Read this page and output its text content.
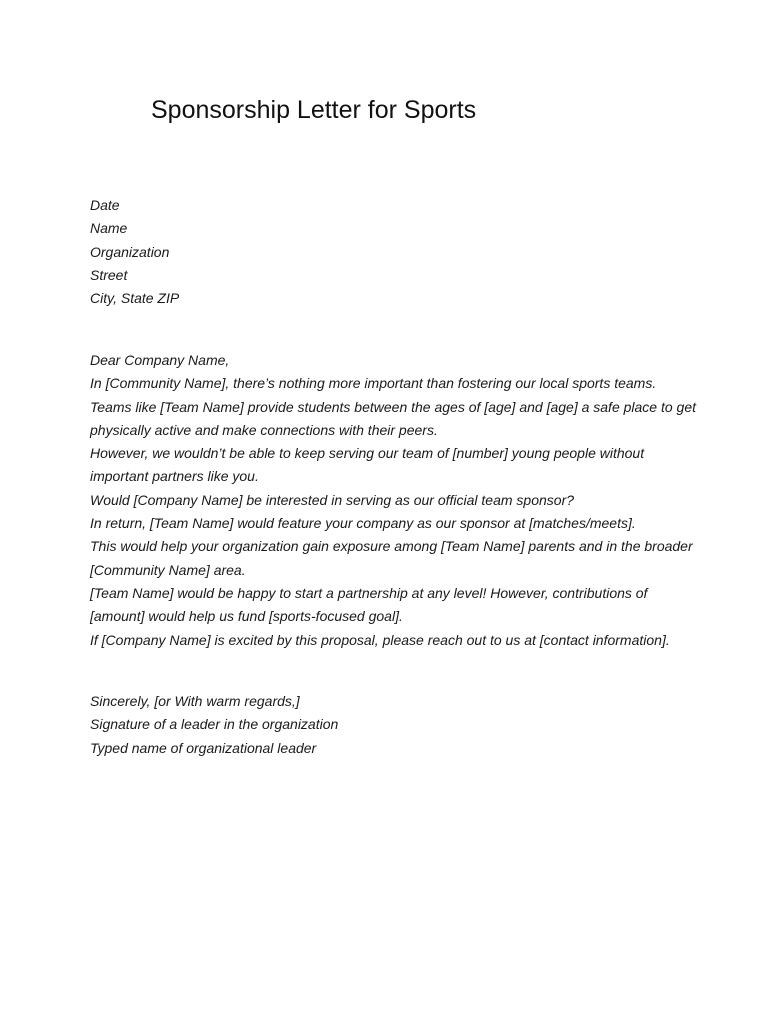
Sponsorship Letter for Sports
Date
Name
Organization
Street
City, State ZIP
Dear Company Name,
In [Community Name], there’s nothing more important than fostering our local sports teams.
Teams like [Team Name] provide students between the ages of [age] and [age] a safe place to get
physically active and make connections with their peers.
However, we wouldn’t be able to keep serving our team of [number] young people without
important partners like you.
Would [Company Name] be interested in serving as our official team sponsor?
In return, [Team Name] would feature your company as our sponsor at [matches/meets].
This would help your organization gain exposure among [Team Name] parents and in the broader
[Community Name] area.
[Team Name] would be happy to start a partnership at any level! However, contributions of
[amount] would help us fund [sports-focused goal].
If [Company Name] is excited by this proposal, please reach out to us at [contact information].
Sincerely, [or With warm regards,]
Signature of a leader in the organization
Typed name of organizational leader
